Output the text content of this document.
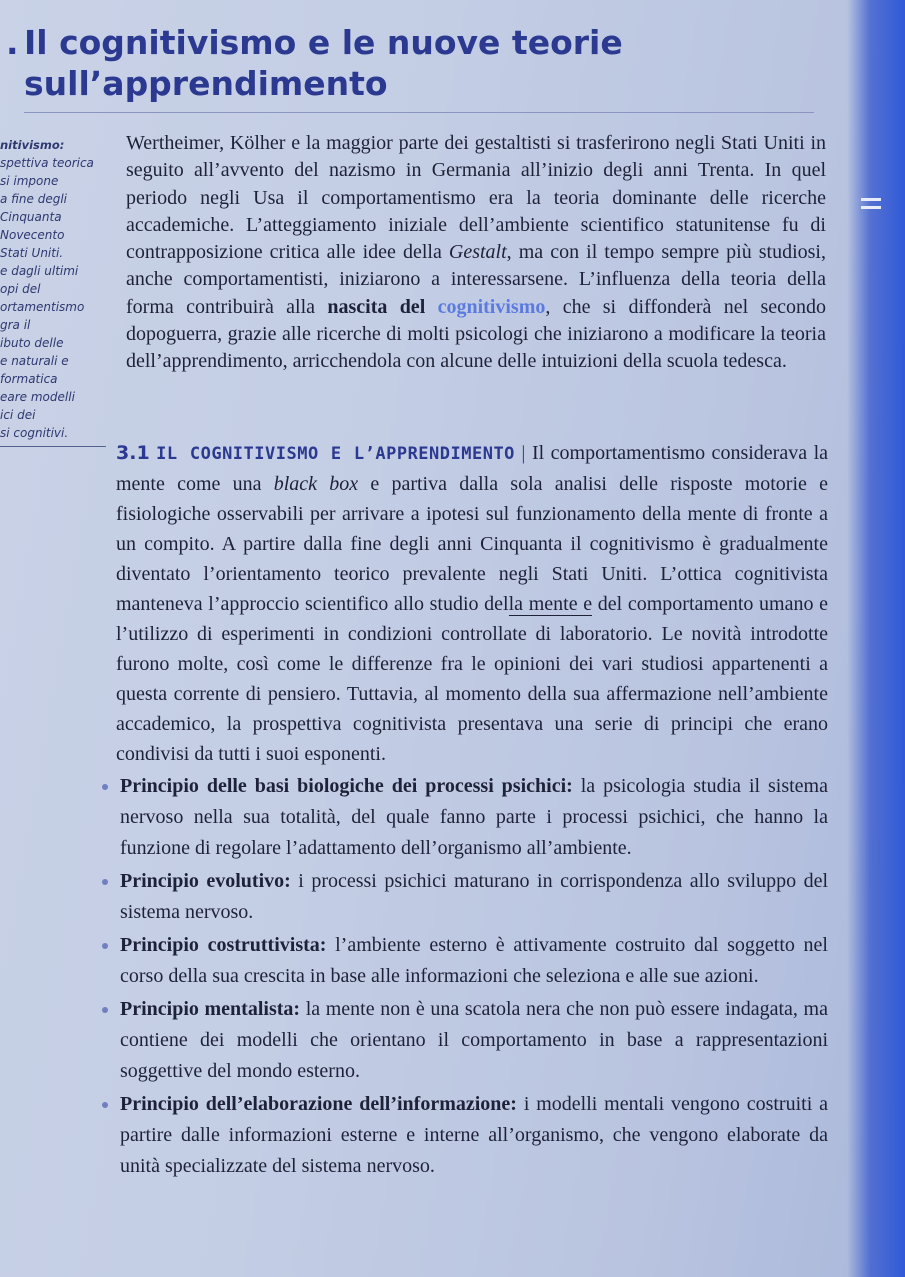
. Il cognitivismo e le nuove teorie
sull’apprendimento
nitivismo:
spettiva teorica
si impone
a fine degli
Cinquanta
Novecento
Stati Uniti.
e dagli ultimi
opi del
ortamentismo
gra il
ibuto delle
e naturali e
formatica
eare modelli
ici dei
si cognitivi.
Wertheimer, Kölher e la maggior parte dei gestaltisti si trasferirono negli Stati Uniti in seguito all’avvento del nazismo in Germania all’inizio degli anni Trenta. In quel periodo negli Usa il comportamentismo era la teoria dominante delle ricerche accademiche. L’atteggiamento iniziale dell’ambiente scientifico statunitense fu di contrapposizione critica alle idee della Gestalt, ma con il tempo sempre più studiosi, anche comportamentisti, iniziarono a interessarsene. L’influenza della teoria della forma contribuirà alla nascita del cognitivismo, che si diffonderà nel secondo dopoguerra, grazie alle ricerche di molti psicologi che iniziarono a modificare la teoria dell’apprendimento, arricchendola con alcune delle intuizioni della scuola tedesca.

3.1 IL COGNITIVISMO E L’APPRENDIMENTO | Il comportamentismo considerava la mente come una black box e partiva dalla sola analisi delle risposte motorie e fisiologiche osservabili per arrivare a ipotesi sul funzionamento della mente di fronte a un compito. A partire dalla fine degli anni Cinquanta il cognitivismo è gradualmente diventato l’orientamento teorico prevalente negli Stati Uniti. L’ottica cognitivista manteneva l’approccio scientifico allo studio della mente e del comportamento umano e l’utilizzo di esperimenti in condizioni controllate di laboratorio. Le novità introdotte furono molte, così come le differenze fra le opinioni dei vari studiosi appartenenti a questa corrente di pensiero. Tuttavia, al momento della sua affermazione nell’ambiente accademico, la prospettiva cognitivista presentava una serie di principi che erano condivisi da tutti i suoi esponenti.

Principio delle basi biologiche dei processi psichici: la psicologia studia il sistema nervoso nella sua totalità, del quale fanno parte i processi psichici, che hanno la funzione di regolare l’adattamento dell’organismo all’ambiente.
Principio evolutivo: i processi psichici maturano in corrispondenza allo sviluppo del sistema nervoso.
Principio costruttivista: l’ambiente esterno è attivamente costruito dal soggetto nel corso della sua crescita in base alle informazioni che seleziona e alle sue azioni.
Principio mentalista: la mente non è una scatola nera che non può essere indagata, ma contiene dei modelli che orientano il comportamento in base a rappresentazioni soggettive del mondo esterno.
Principio dell’elaborazione dell’informazione: i modelli mentali vengono costruiti a partire dalle informazioni esterne e interne all’organismo, che vengono elaborate da unità specializzate del sistema nervoso.
